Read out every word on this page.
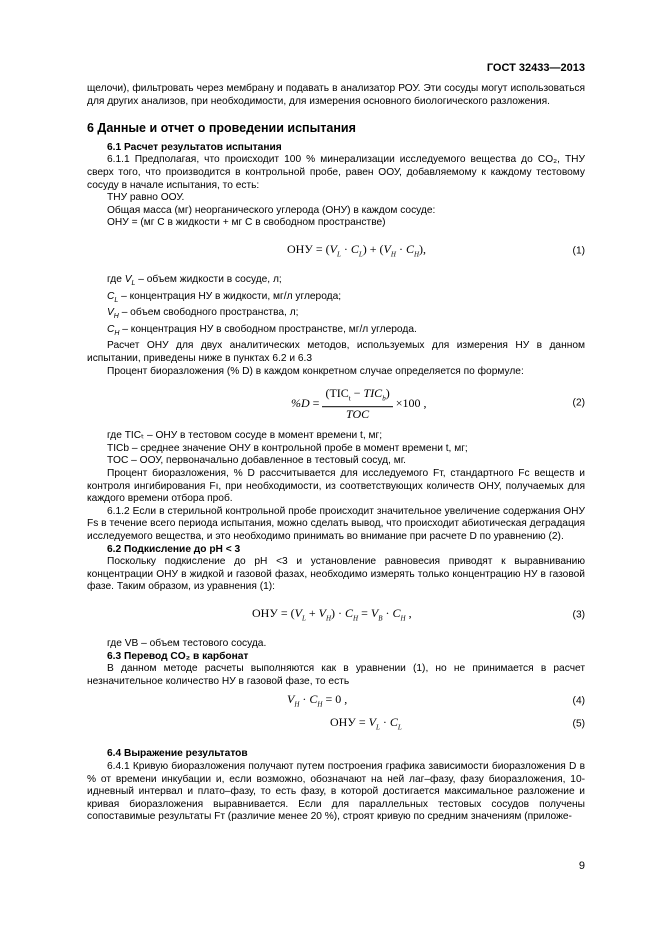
ГОСТ 32433—2013

щелочи), фильтровать через мембрану и подавать в анализатор РОУ. Эти сосуды могут использоваться для других анализов, при необходимости, для измерения основного биологического разложения.

6 Данные и отчет о проведении испытания

6.1 Расчет результатов испытания

6.1.1 Предполагая, что происходит 100 % минерализации исследуемого вещества до CO₂, ТНУ сверх того, что производится в контрольной пробе, равен ООУ, добавляемому к каждому тестовому сосуду в начале испытания, то есть:

ТНУ равно ООУ.

Общая масса (мг) неорганического углерода (ОНУ) в каждом сосуде:

ОНУ = (мг С в жидкости + мг С в свободном пространстве)

ОНУ = $(V_L \cdot C_L) + (V_H \cdot C_H)$,	(1)

где $V_L$ – объем жидкости в сосуде, л;

$C_L$ – концентрация НУ в жидкости, мг/л углерода;

$V_H$ – объем свободного пространства, л;

$C_H$ – концентрация НУ в свободном пространстве, мг/л углерода.

Расчет ОНУ для двух аналитических методов, используемых для измерения НУ в данном испытании, приведены ниже в пунктах 6.2 и 6.3

Процент биоразложения (% D) в каждом конкретном случае определяется по формуле:

$\%D = \frac{(TIC_t - TIC_b)}{\text{TOC}} \times 100$ ,	(2)

где TICₜ – ОНУ в тестовом сосуде в момент времени t, мг;

TICb – среднее значение ОНУ в контрольной пробе в момент времени t, мг;

TOC – ООУ, первоначально добавленное в тестовый сосуд, мг.

Процент биоразложения, % D рассчитывается для исследуемого Fт, стандартного Fс веществ и контроля ингибирования Fı, при необходимости, из соответствующих количеств ОНУ, получаемых для каждого времени отбора проб.

6.1.2 Если в стерильной контрольной пробе происходит значительное увеличение содержания ОНУ Fs в течение всего периода испытания, можно сделать вывод, что происходит абиотическая деградация исследуемого вещества, и это необходимо принимать во внимание при расчете D по уравнению (2).

6.2 Подкисление до pH < 3

Поскольку подкисление до pH <3 и установление равновесия приводят к выравниванию концентрации ОНУ в жидкой и газовой фазах, необходимо измерять только концентрацию НУ в газовой фазе. Таким образом, из уравнения (1):

ОНУ = $(V_L + V_H) \cdot C_H = V_B \cdot C_H$ ,	(3)

где VB – объем тестового сосуда.

6.3 Перевод CO₂ в карбонат

В данном методе расчеты выполняются как в уравнении (1), но не принимается в расчет незначительное количество НУ в газовой фазе, то есть

$V_H \cdot C_H = 0$ ,	(4)
ОНУ = $V_L \cdot C_L$	(5)

6.4 Выражение результатов

6.4.1 Кривую биоразложения получают путем построения графика зависимости биоразложения D в % от времени инкубации и, если возможно, обозначают на ней лаг–фазу, фазу биоразложения, 10-идневный интервал и плато–фазу, то есть фазу, в которой достигается максимальное разложение и кривая биоразложения выравнивается. Если для параллельных тестовых сосудов получены сопоставимые результаты Fт (различие менее 20 %), строят кривую по средним значениям (приложе-

9
